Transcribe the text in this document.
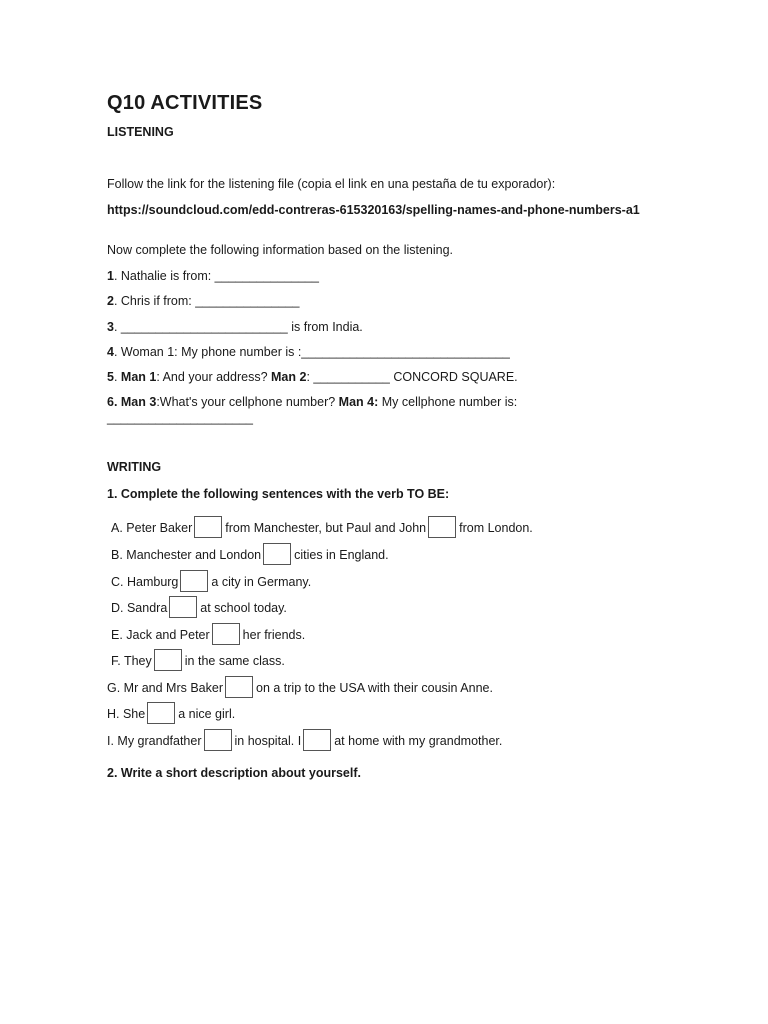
Q10 ACTIVITIES
LISTENING
Follow the link for the listening file (copia el link en una pestaña de tu exporador):
https://soundcloud.com/edd-contreras-615320163/spelling-names-and-phone-numbers-a1
Now complete the following information based on the listening.
1. Nathalie is from: _______________
2. Chris if from: _______________
3. ________________________ is from India.
4. Woman 1: My phone number is :______________________________
5. Man 1: And your address? Man 2: ___________ CONCORD SQUARE.
6. Man 3:What's your cellphone number? Man 4: My cellphone number is:
_____________________
WRITING
1. Complete the following sentences with the verb TO BE:
A. Peter Baker	from Manchester, but Paul and John	from London.
B. Manchester and London	cities in England.
C. Hamburg	a city in Germany.
D. Sandra	at school today.
E. Jack and Peter	her friends.
F. They	in the same class.
G. Mr and Mrs Baker	on a trip to the USA with their cousin Anne.
H. She	a nice girl.
I. My grandfather	in hospital. I	at home with my grandmother.
2. Write a short description about yourself.
